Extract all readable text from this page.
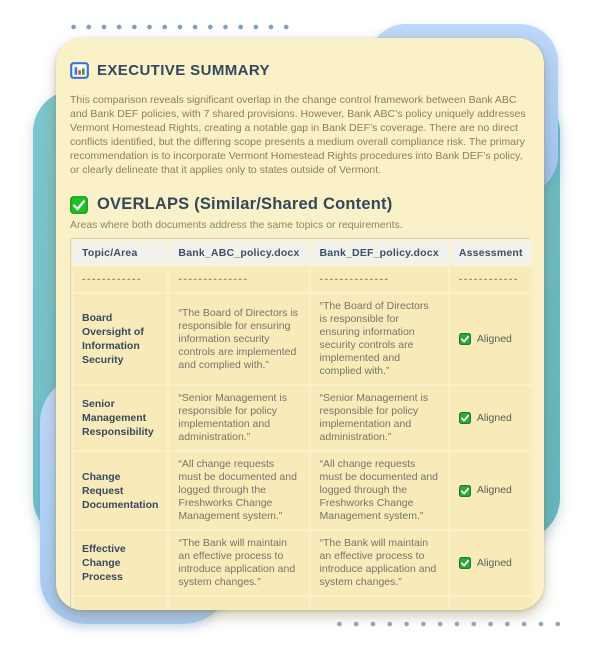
EXECUTIVE SUMMARY

This comparison reveals significant overlap in the change control framework between Bank ABC and Bank DEF policies, with 7 shared provisions. However, Bank ABC’s policy uniquely addresses Vermont Homestead Rights, creating a notable gap in Bank DEF’s coverage. There are no direct conflicts identified, but the differing scope presents a medium overall compliance risk. The primary recommendation is to incorporate Vermont Homestead Rights procedures into Bank DEF’s policy, or clearly delineate that it applies only to states outside of Vermont.

OVERLAPS (Similar/Shared Content)

Areas where both documents address the same topics or requirements.

Topic/Area	Bank_ABC_policy.docx	Bank_DEF_policy.docx	Assessment
------------	--------------	--------------	------------
Board Oversight of Information Security	“The Board of Directors is responsible for ensuring information security controls are implemented and complied with.”	“The Board of Directors is responsible for ensuring information security controls are implemented and complied with.”	Aligned

Senior Management Responsibility	“Senior Management is responsible for policy implementation and administration.”	“Senior Management is responsible for policy implementation and administration.”	Aligned

Change Request Documentation	“All change requests must be documented and logged through the Freshworks Change Management system.”	“All change requests must be documented and logged through the Freshworks Change Management system.”	Aligned

Effective Change Process	“The Bank will maintain an effective process to introduce application and system changes.”	“The Bank will maintain an effective process to introduce application and system changes.”	Aligned
